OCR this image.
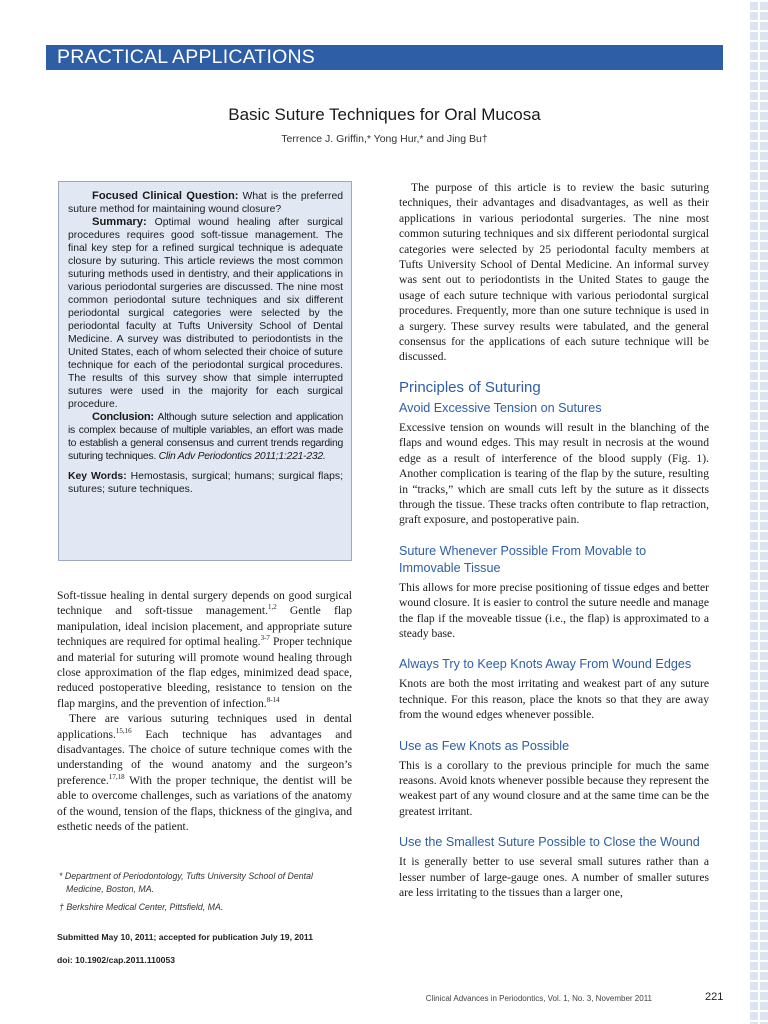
PRACTICAL APPLICATIONS
Basic Suture Techniques for Oral Mucosa
Terrence J. Griffin,* Yong Hur,* and Jing Bu†

Focused Clinical Question: What is the preferred suture method for maintaining wound closure?

Summary: Optimal wound healing after surgical procedures requires good soft-tissue management. The final key step for a refined surgical technique is adequate closure by suturing. This article reviews the most common suturing methods used in dentistry, and their applications in various periodontal surgeries are discussed. The nine most common periodontal suture techniques and six different periodontal surgical categories were selected by the periodontal faculty at Tufts University School of Dental Medicine. A survey was distributed to periodontists in the United States, each of whom selected their choice of suture technique for each of the periodontal surgical procedures. The results of this survey show that simple interrupted sutures were used in the majority for each surgical procedure.

Conclusion: Although suture selection and application is complex because of multiple variables, an effort was made to establish a general consensus and current trends regarding suturing techniques. Clin Adv Periodontics 2011;1:221-232.

Key Words: Hemostasis, surgical; humans; surgical flaps; sutures; suture techniques.

Soft-tissue healing in dental surgery depends on good surgical technique and soft-tissue management.$^{1,2}$ Gentle flap manipulation, ideal incision placement, and appropriate suture techniques are required for optimal healing.$^{3-7}$ Proper technique and material for suturing will promote wound healing through close approximation of the flap edges, minimized dead space, reduced postoperative bleeding, resistance to tension on the flap margins, and the prevention of infection.$^{8-14}$

There are various suturing techniques used in dental applications.$^{15,16}$ Each technique has advantages and disadvantages. The choice of suture technique comes with the understanding of the wound anatomy and the surgeon’s preference.$^{17,18}$ With the proper technique, the dentist will be able to overcome challenges, such as variations of the anatomy of the wound, tension of the flaps, thickness of the gingiva, and esthetic needs of the patient.

* Department of Periodontology, Tufts University School of Dental Medicine, Boston, MA.

† Berkshire Medical Center, Pittsfield, MA.

Submitted May 10, 2011; accepted for publication July 19, 2011
doi: 10.1902/cap.2011.110053

The purpose of this article is to review the basic suturing techniques, their advantages and disadvantages, as well as their applications in various periodontal surgeries. The nine most common suturing techniques and six different periodontal surgical categories were selected by 25 periodontal faculty members at Tufts University School of Dental Medicine. An informal survey was sent out to periodontists in the United States to gauge the usage of each suture technique with various periodontal surgical procedures. Frequently, more than one suture technique is used in a surgery. These survey results were tabulated, and the general consensus for the applications of each suture technique will be discussed.

Principles of Suturing
Avoid Excessive Tension on Sutures

Excessive tension on wounds will result in the blanching of the flaps and wound edges. This may result in necrosis at the wound edge as a result of interference of the blood supply (Fig. 1). Another complication is tearing of the flap by the suture, resulting in “tracks,” which are small cuts left by the suture as it dissects through the tissue. These tracks often contribute to flap retraction, graft exposure, and postoperative pain.

Suture Whenever Possible From Movable to Immovable Tissue

This allows for more precise positioning of tissue edges and better wound closure. It is easier to control the suture needle and manage the flap if the moveable tissue (i.e., the flap) is approximated to a steady base.

Always Try to Keep Knots Away From Wound Edges

Knots are both the most irritating and weakest part of any suture technique. For this reason, place the knots so that they are away from the wound edges whenever possible.

Use as Few Knots as Possible

This is a corollary to the previous principle for much the same reasons. Avoid knots whenever possible because they represent the weakest part of any wound closure and at the same time can be the greatest irritant.

Use the Smallest Suture Possible to Close the Wound

It is generally better to use several small sutures rather than a lesser number of large-gauge ones. A number of smaller sutures are less irritating to the tissues than a larger one,

Clinical Advances in Periodontics, Vol. 1, No. 3, November 2011	221
